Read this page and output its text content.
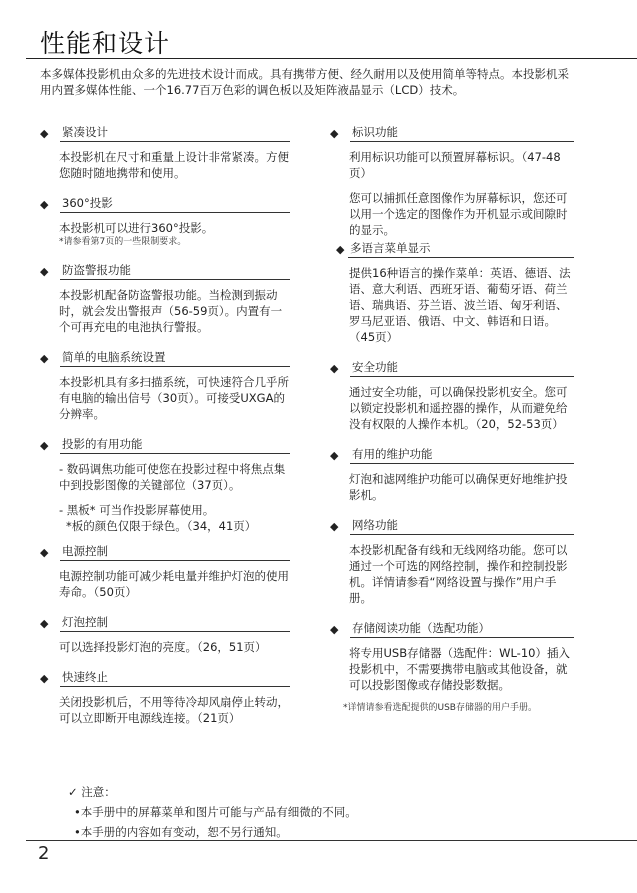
性能和设计
本多媒体投影机由众多的先进技术设计而成。具有携带方便、经久耐用以及使用简单等特点。本投影机采用内置多媒体性能、一个16.77百万色彩的调色板以及矩阵液晶显示（LCD）技术。
◆	紧凑设计
本投影机在尺寸和重量上设计非常紧凑。方便您随时随地携带和使用。
◆	360°投影
本投影机可以进行360°投影。
*请参看第7页的一些限制要求。
◆	防盗警报功能
本投影机配备防盗警报功能。当检测到振动时，就会发出警报声（56-59页）。内置有一个可再充电的电池执行警报。
◆	简单的电脑系统设置
本投影机具有多扫描系统，可快速符合几乎所有电脑的输出信号（30页）。可接受UXGA的分辨率。
◆	投影的有用功能
- 数码调焦功能可使您在投影过程中将焦点集中到投影图像的关键部位（37页）。
- 黑板* 可当作投影屏幕使用。
*板的颜色仅限于绿色。（34，41页）
◆	电源控制
电源控制功能可减少耗电量并维护灯泡的使用寿命。（50页）
◆	灯泡控制
可以选择投影灯泡的亮度。（26，51页）
◆	快速终止
关闭投影机后，不用等待冷却风扇停止转动，可以立即断开电源线连接。（21页）
◆	标识功能
利用标识功能可以预置屏幕标识。（47-48页）
您可以捕抓任意图像作为屏幕标识，您还可以用一个选定的图像作为开机显示或间隙时的显示。
◆ 多语言菜单显示
提供16种语言的操作菜单：英语、德语、法语、意大利语、西班牙语、葡萄牙语、荷兰语、瑞典语、芬兰语、波兰语、匈牙利语、罗马尼亚语、俄语、中文、韩语和日语。（45页）
◆	安全功能
通过安全功能，可以确保投影机安全。您可以锁定投影机和遥控器的操作，从而避免给没有权限的人操作本机。（20，52-53页）
◆	有用的维护功能
灯泡和滤网维护功能可以确保更好地维护投影机。
◆	网络功能
本投影机配备有线和无线网络功能。您可以通过一个可选的网络控制，操作和控制投影机。详情请参看“网络设置与操作”用户手册。
◆	存储阅读功能（选配功能）
将专用USB存储器（选配件：WL-10）插入投影机中，不需要携带电脑或其他设备，就可以投影图像或存储投影数据。
*详情请参看选配提供的USB存储器的用户手册。
✓ 注意：
•本手册中的屏幕菜单和图片可能与产品有细微的不同。
•本手册的内容如有变动，恕不另行通知。
2
